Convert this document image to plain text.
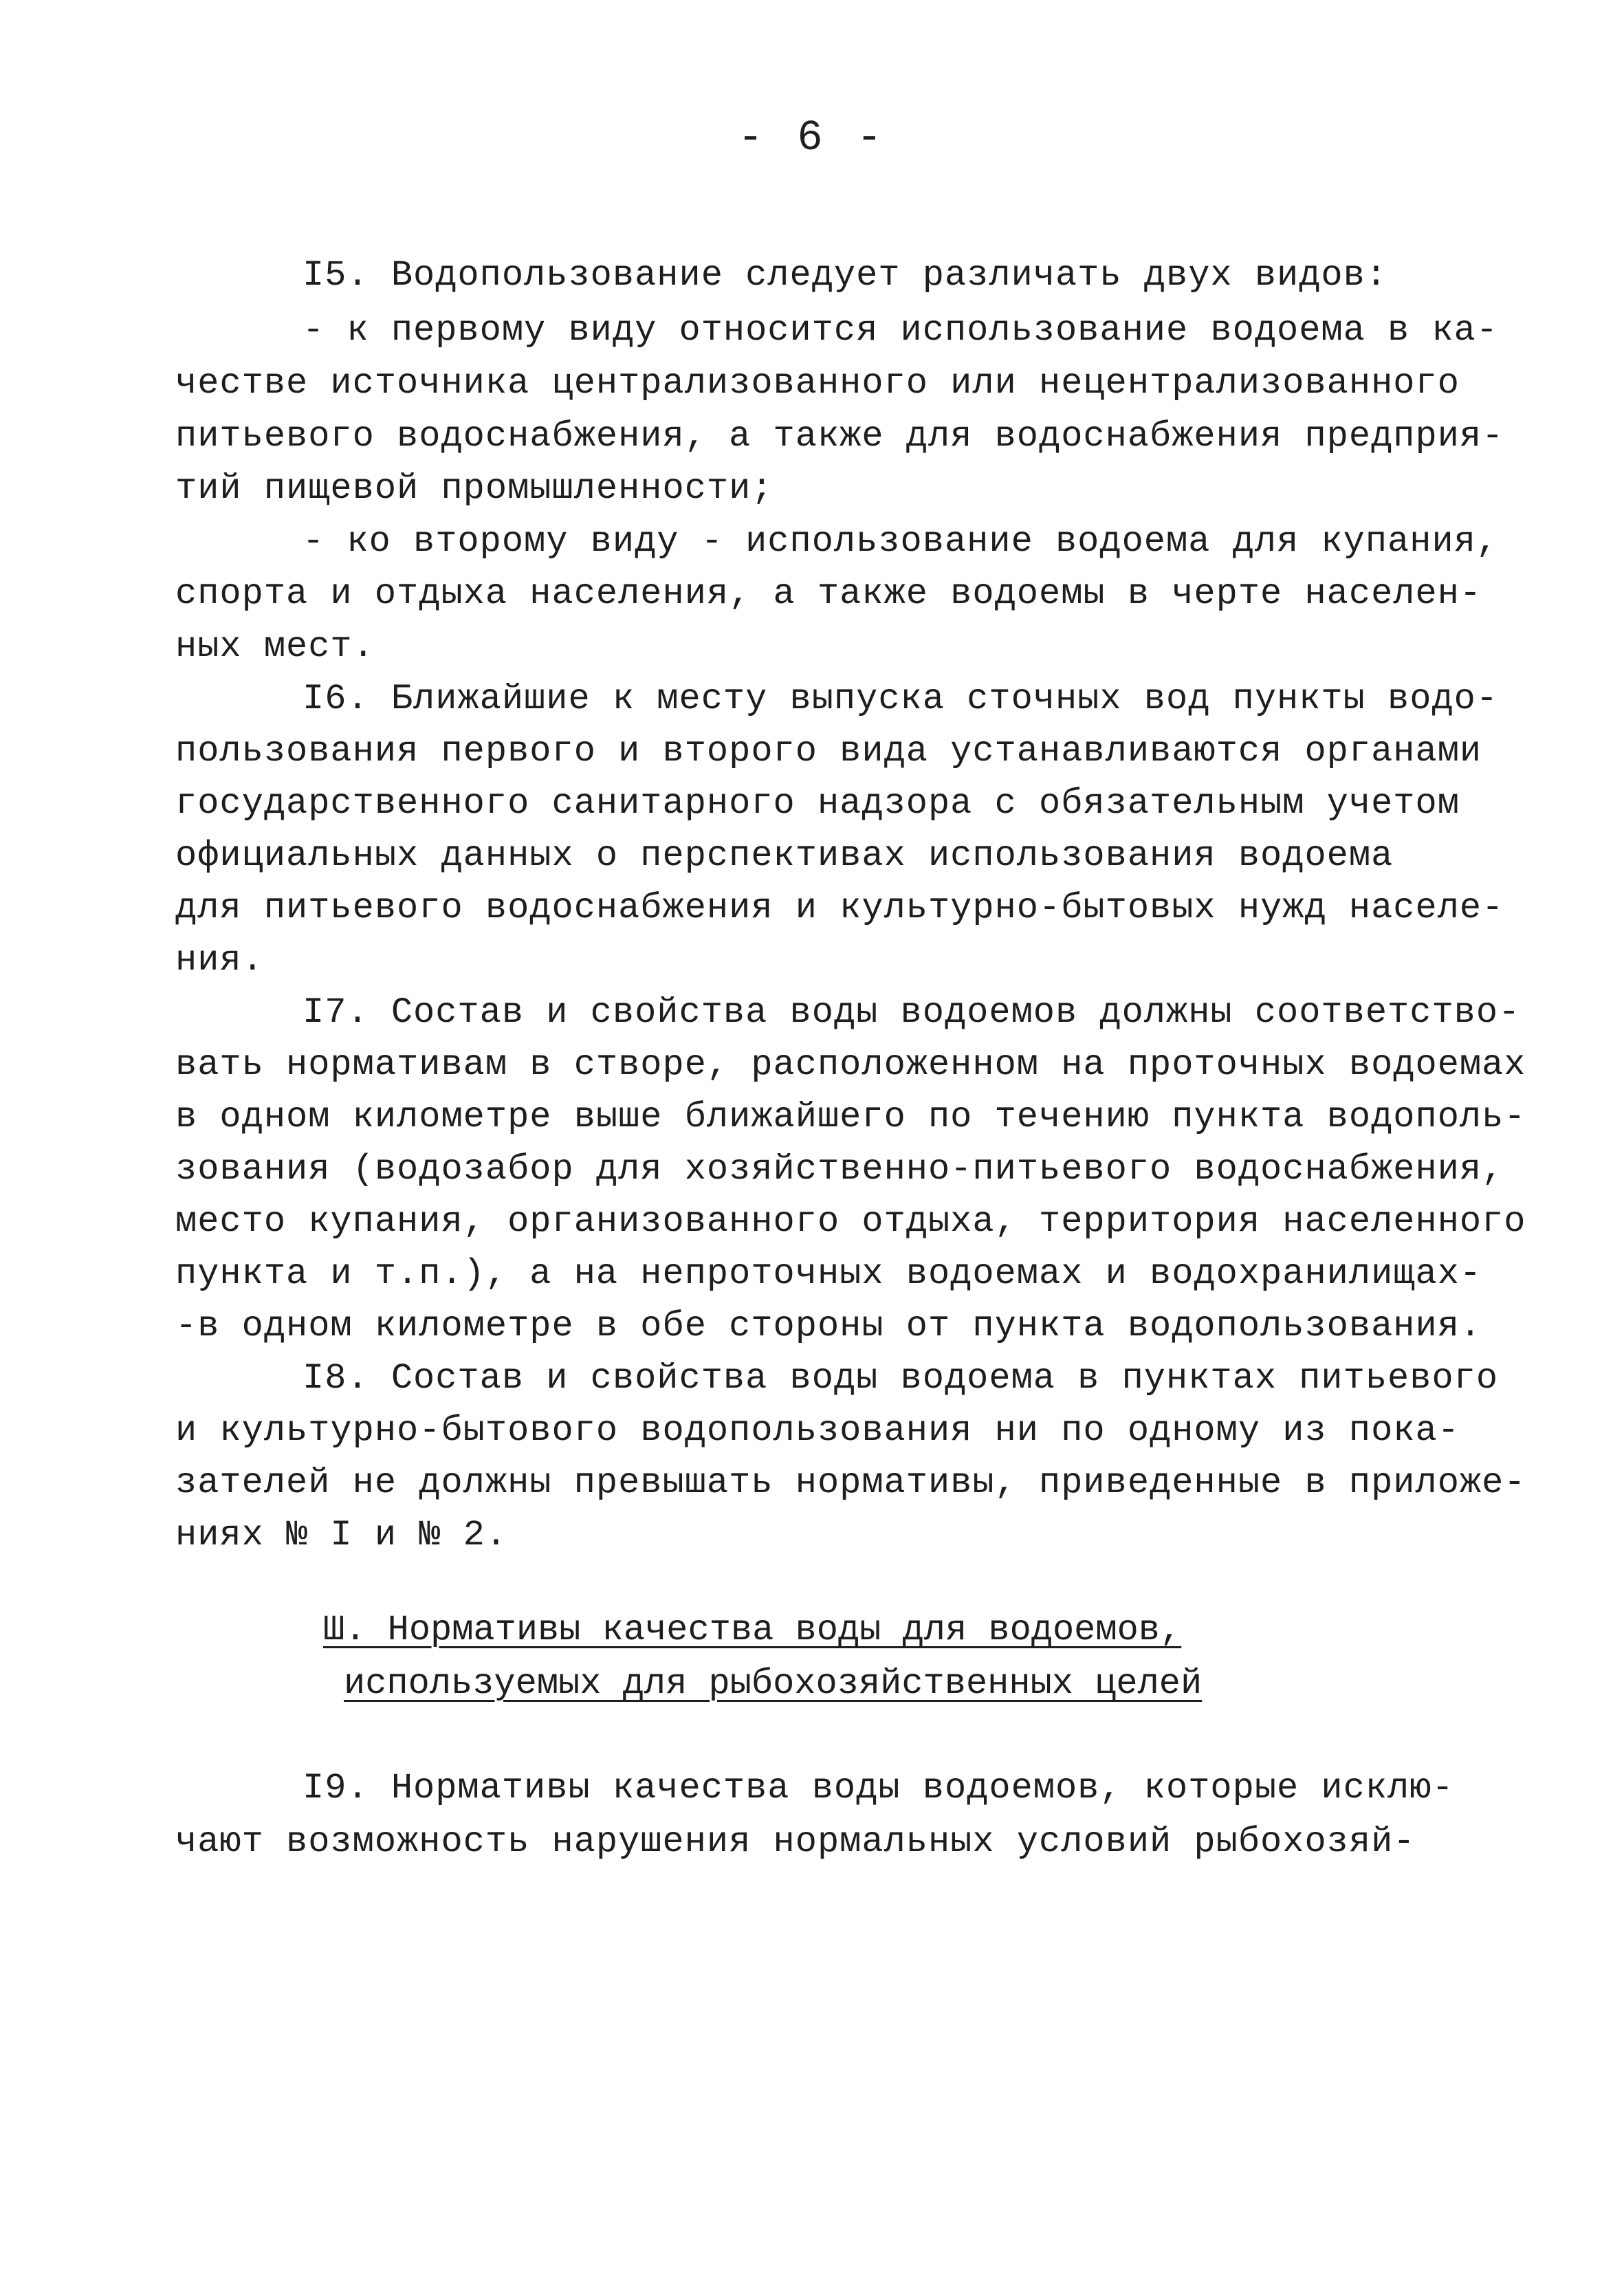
- 6 -
I5. Водопользование следует различать двух видов:
- к первому виду относится использование водоема в ка-
честве источника централизованного или нецентрализованного
питьевого водоснабжения, а также для водоснабжения предприя-
тий пищевой промышленности;
- ко второму виду - использование водоема для купания,
спорта и отдыха населения, а также водоемы в черте населен-
ных мест.
I6. Ближайшие к месту выпуска сточных вод пункты водо-
пользования первого и второго вида устанавливаются органами
государственного санитарного надзора с обязательным учетом
официальных данных о перспективах использования водоема
для питьевого водоснабжения и культурно-бытовых нужд населе-
ния.
I7. Состав и свойства воды водоемов должны соответство-
вать нормативам в створе, расположенном на проточных водоемах
в одном километре выше ближайшего по течению пункта водополь-
зования (водозабор для хозяйственно-питьевого водоснабжения,
место купания, организованного отдыха, территория населенного
пункта и т.п.), а на непроточных водоемах и водохранилищах-
-в одном километре в обе стороны от пункта водопользования.
I8. Состав и свойства воды водоема в пунктах питьевого
и культурно-бытового водопользования ни по одному из пока-
зателей не должны превышать нормативы, приведенные в приложе-
ниях № I и № 2.
Ш. Нормативы качества воды для водоемов,
используемых для рыбохозяйственных целей
I9. Нормативы качества воды водоемов, которые исклю-
чают возможность нарушения нормальных условий рыбохозяй-
